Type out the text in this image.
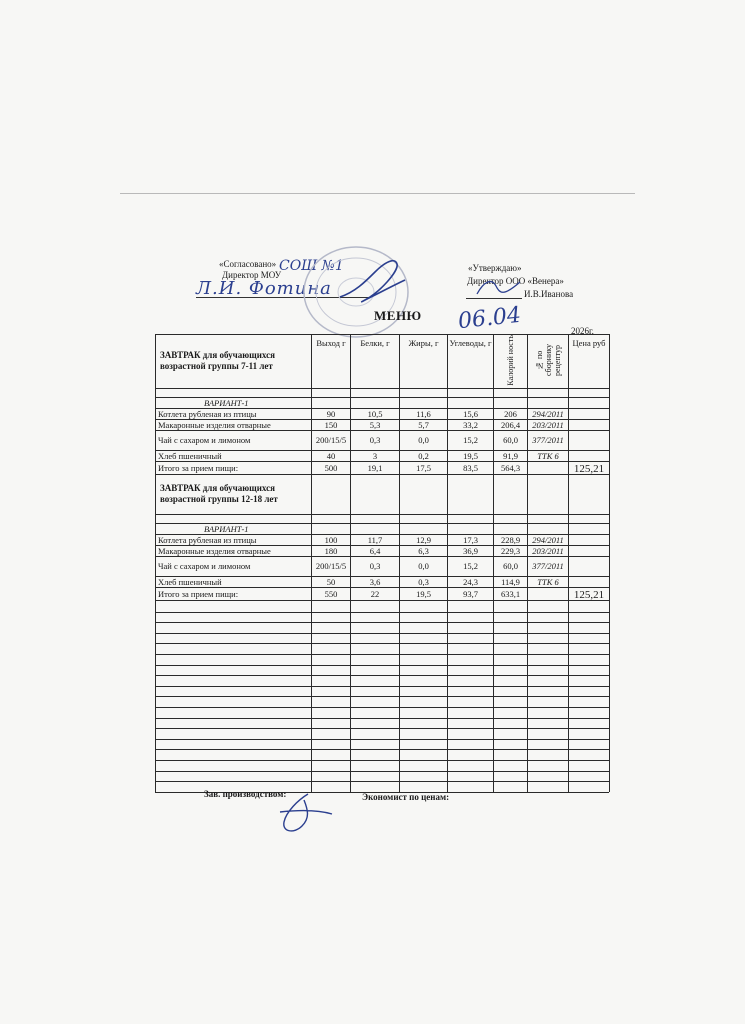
«Согласовано»
Директор МОУ
СОШ №1
Л.И. Фотина
«Утверждаю»
Директор ООО «Венера»
И.В.Иванова
МЕНЮ 06.04	2026г.
ЗАВТРАК для обучающихся возрастной группы 7-11 лет	Выход г	Белки, г	Жиры, г	Углеводы, г	Калорий ность	№ по сборнику рецептур	Цена руб

ВАРИАНТ-1							
Котлета рубленая из птицы	90	10,5	11,6	15,6	206	294/2011	
Макаронные изделия отварные	150	5,3	5,7	33,2	206,4	203/2011	
Чай с сахаром и лимоном	200/15/5	0,3	0,0	15,2	60,0	377/2011	
Хлеб пшеничный	40	3	0,2	19,5	91,9	ТТК 6	
Итого за прием пищи:	500	19,1	17,5	83,5	564,3		125,21
ЗАВТРАК для обучающихся возрастной группы 12-18 лет							

ВАРИАНТ-1							
Котлета рубленая из птицы	100	11,7	12,9	17,3	228,9	294/2011	
Макаронные изделия отварные	180	6,4	6,3	36,9	229,3	203/2011	
Чай с сахаром и лимоном	200/15/5	0,3	0,0	15,2	60,0	377/2011	
Хлеб пшеничный	50	3,6	0,3	24,3	114,9	ТТК 6	
Итого за прием пищи:	550	22	19,5	93,7	633,1		125,21
Зав. производством:	Экономист по ценам:
